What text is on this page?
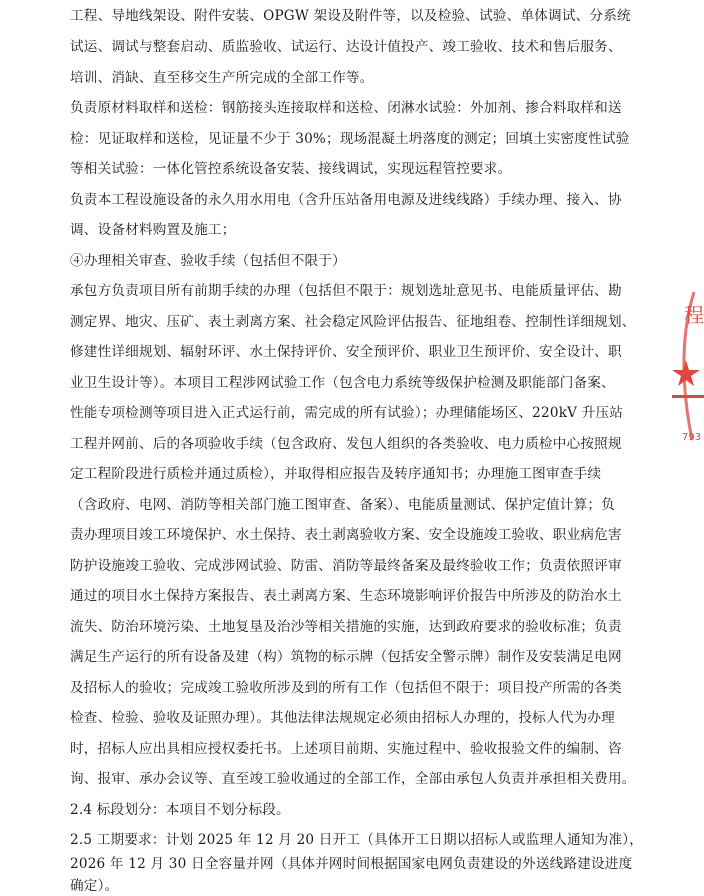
工程、导地线架设、附件安装、OPGW 架设及附件等，以及检验、试验、单体调试、分系统
试运、调试与整套启动、质监验收、试运行、达设计值投产、竣工验收、技术和售后服务、
培训、消缺、直至移交生产所完成的全部工作等。
负责原材料取样和送检：钢筋接头连接取样和送检、闭淋水试验：外加剂、掺合料取样和送
检：见证取样和送检，见证量不少于 30%；现场混凝土坍落度的测定；回填土实密度性试验
等相关试验：一体化管控系统设备安装、接线调试，实现远程管控要求。
负责本工程设施设备的永久用水用电（含升压站备用电源及进线线路）手续办理、接入、协
调、设备材料购置及施工；
④办理相关审查、验收手续（包括但不限于）
承包方负责项目所有前期手续的办理（包括但不限于：规划选址意见书、电能质量评估、勘
测定界、地灾、压矿、表土剥离方案、社会稳定风险评估报告、征地组卷、控制性详细规划、
修建性详细规划、辐射环评、水土保持评价、安全预评价、职业卫生预评价、安全设计、职
业卫生设计等）。本项目工程涉网试验工作（包含电力系统等级保护检测及职能部门备案、
性能专项检测等项目进入正式运行前，需完成的所有试验）；办理储能场区、220kV 升压站
工程并网前、后的各项验收手续（包含政府、发包人组织的各类验收、电力质检中心按照规
定工程阶段进行质检并通过质检），并取得相应报告及转序通知书；办理施工图审查手续
（含政府、电网、消防等相关部门施工图审查、备案）、电能质量测试、保护定值计算；负
责办理项目竣工环境保护、水土保持、表土剥离验收方案、安全设施竣工验收、职业病危害
防护设施竣工验收、完成涉网试验、防雷、消防等最终备案及最终验收工作；负责依照评审
通过的项目水土保持方案报告、表土剥离方案、生态环境影响评价报告中所涉及的防治水土
流失、防治环境污染、土地复垦及治沙等相关措施的实施，达到政府要求的验收标准；负责
满足生产运行的所有设备及建（构）筑物的标示牌（包括安全警示牌）制作及安装满足电网
及招标人的验收；完成竣工验收所涉及到的所有工作（包括但不限于：项目投产所需的各类
检查、检验、验收及证照办理）。其他法律法规规定必须由招标人办理的，投标人代为办理
时，招标人应出具相应授权委托书。上述项目前期、实施过程中、验收报验文件的编制、咨
询、报审、承办会议等、直至竣工验收通过的全部工作，全部由承包人负责并承担相关费用。
2.4 标段划分：本项目不划分标段。
2.5 工期要求：计划 2025 年 12 月 20 日开工（具体开工日期以招标人或监理人通知为准），
2026 年 12 月 30 日全容量并网（具体并网时间根据国家电网负责建设的外送线路建设进度
确定）。
程
793
